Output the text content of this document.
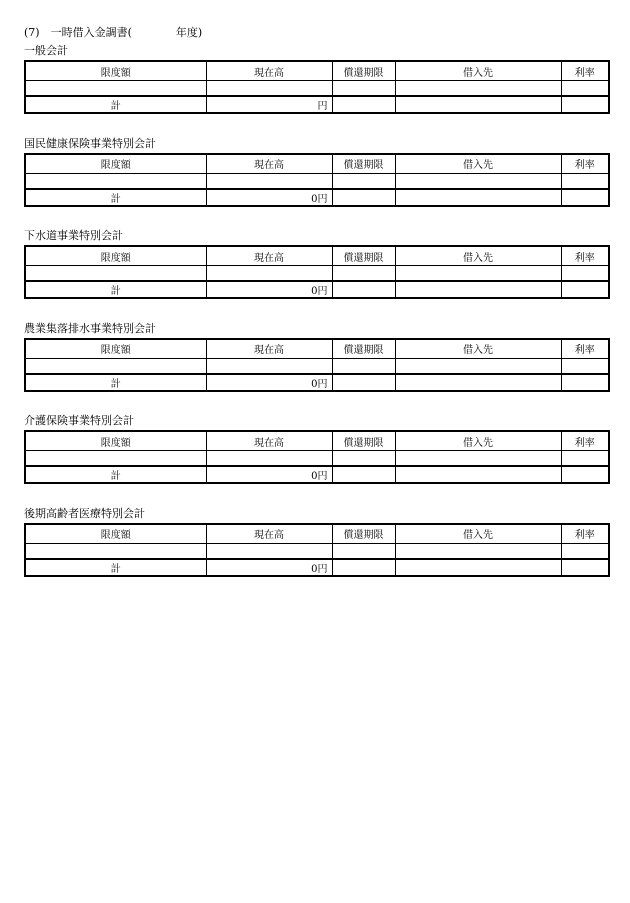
(7)　一時借入金調書(　　　　年度)
一般会計
限度額	現在高	償還期限	借入先	利率

計	円			
国民健康保険事業特別会計
限度額	現在高	償還期限	借入先	利率

計	0円			
下水道事業特別会計
限度額	現在高	償還期限	借入先	利率

計	0円			
農業集落排水事業特別会計
限度額	現在高	償還期限	借入先	利率

計	0円			
介護保険事業特別会計
限度額	現在高	償還期限	借入先	利率

計	0円			
後期高齢者医療特別会計
限度額	現在高	償還期限	借入先	利率

計	0円			
